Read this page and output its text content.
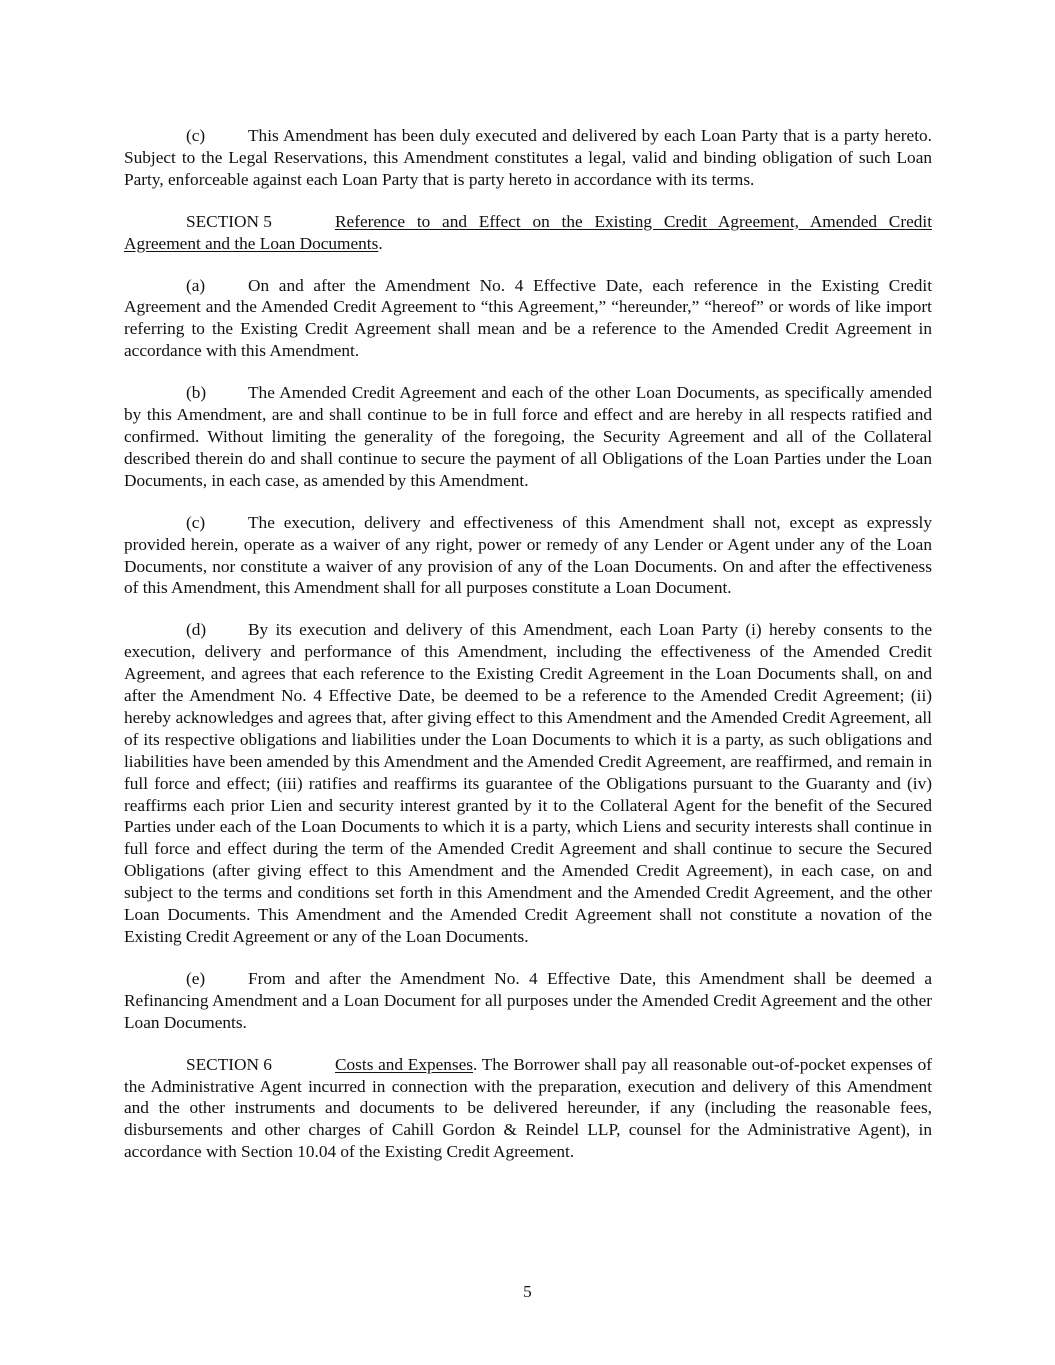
(c) This Amendment has been duly executed and delivered by each Loan Party that is a party hereto. Subject to the Legal Reservations, this Amendment constitutes a legal, valid and binding obligation of such Loan Party, enforceable against each Loan Party that is party hereto in accordance with its terms.

SECTION 5	Reference to and Effect on the Existing Credit Agreement, Amended Credit Agreement and the Loan Documents.

(a) On and after the Amendment No. 4 Effective Date, each reference in the Existing Credit Agreement and the Amended Credit Agreement to “this Agreement,” “hereunder,” “hereof” or words of like import referring to the Existing Credit Agreement shall mean and be a reference to the Amended Credit Agreement in accordance with this Amendment.

(b) The Amended Credit Agreement and each of the other Loan Documents, as specifically amended by this Amendment, are and shall continue to be in full force and effect and are hereby in all respects ratified and confirmed. Without limiting the generality of the foregoing, the Security Agreement and all of the Collateral described therein do and shall continue to secure the payment of all Obligations of the Loan Parties under the Loan Documents, in each case, as amended by this Amendment.

(c) The execution, delivery and effectiveness of this Amendment shall not, except as expressly provided herein, operate as a waiver of any right, power or remedy of any Lender or Agent under any of the Loan Documents, nor constitute a waiver of any provision of any of the Loan Documents. On and after the effectiveness of this Amendment, this Amendment shall for all purposes constitute a Loan Document.

(d) By its execution and delivery of this Amendment, each Loan Party (i) hereby consents to the execution, delivery and performance of this Amendment, including the effectiveness of the Amended Credit Agreement, and agrees that each reference to the Existing Credit Agreement in the Loan Documents shall, on and after the Amendment No. 4 Effective Date, be deemed to be a reference to the Amended Credit Agreement; (ii) hereby acknowledges and agrees that, after giving effect to this Amendment and the Amended Credit Agreement, all of its respective obligations and liabilities under the Loan Documents to which it is a party, as such obligations and liabilities have been amended by this Amendment and the Amended Credit Agreement, are reaffirmed, and remain in full force and effect; (iii) ratifies and reaffirms its guarantee of the Obligations pursuant to the Guaranty and (iv) reaffirms each prior Lien and security interest granted by it to the Collateral Agent for the benefit of the Secured Parties under each of the Loan Documents to which it is a party, which Liens and security interests shall continue in full force and effect during the term of the Amended Credit Agreement and shall continue to secure the Secured Obligations (after giving effect to this Amendment and the Amended Credit Agreement), in each case, on and subject to the terms and conditions set forth in this Amendment and the Amended Credit Agreement, and the other Loan Documents. This Amendment and the Amended Credit Agreement shall not constitute a novation of the Existing Credit Agreement or any of the Loan Documents.

(e) From and after the Amendment No. 4 Effective Date, this Amendment shall be deemed a Refinancing Amendment and a Loan Document for all purposes under the Amended Credit Agreement and the other Loan Documents.

SECTION 6	Costs and Expenses. The Borrower shall pay all reasonable out-of-pocket expenses of the Administrative Agent incurred in connection with the preparation, execution and delivery of this Amendment and the other instruments and documents to be delivered hereunder, if any (including the reasonable fees, disbursements and other charges of Cahill Gordon & Reindel LLP, counsel for the Administrative Agent), in accordance with Section 10.04 of the Existing Credit Agreement.

5
